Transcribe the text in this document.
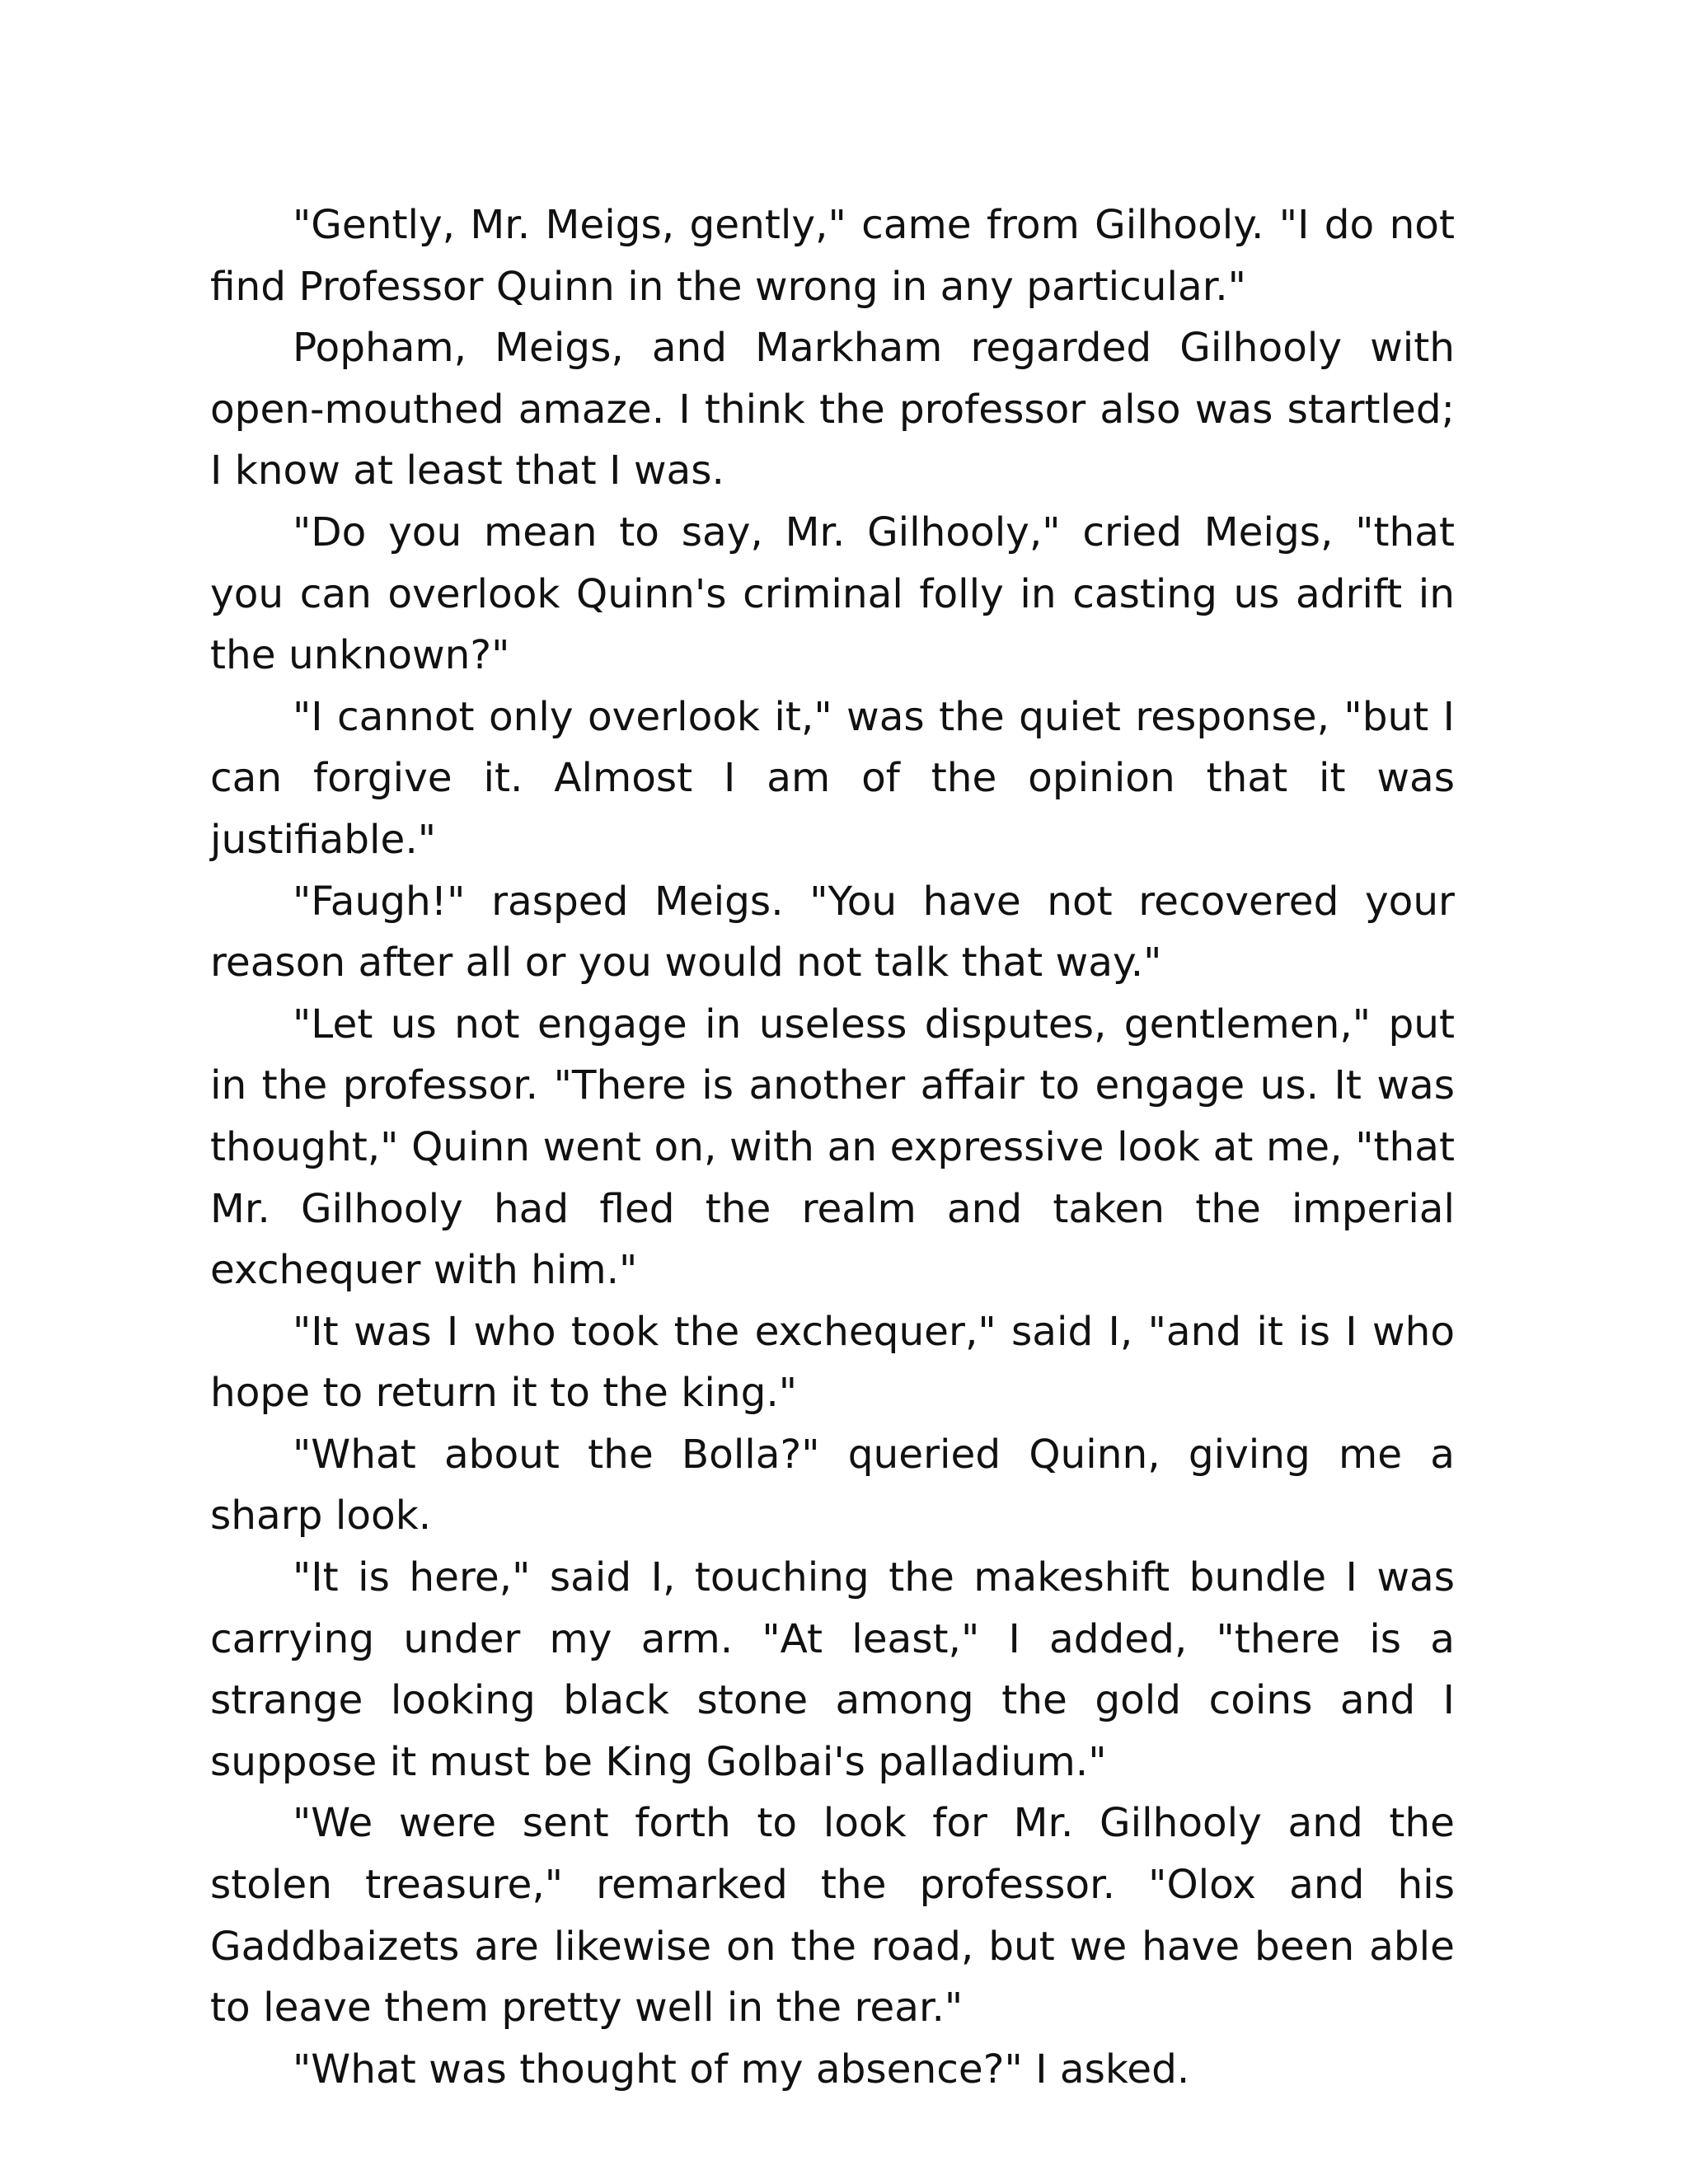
"Gently, Mr. Meigs, gently," came from Gilhooly. "I do not find Professor Quinn in the wrong in any particular."

Popham, Meigs, and Markham regarded Gilhooly with open-mouthed amaze. I think the professor also was startled; I know at least that I was.

"Do you mean to say, Mr. Gilhooly," cried Meigs, "that you can overlook Quinn's criminal folly in casting us adrift in the unknown?"

"I cannot only overlook it," was the quiet response, "but I can forgive it. Almost I am of the opinion that it was justifiable."

"Faugh!" rasped Meigs. "You have not recovered your reason after all or you would not talk that way."

"Let us not engage in useless disputes, gentlemen," put in the professor. "There is another affair to engage us. It was thought," Quinn went on, with an expressive look at me, "that Mr. Gilhooly had fled the realm and taken the imperial exchequer with him."

"It was I who took the exchequer," said I, "and it is I who hope to return it to the king."

"What about the Bolla?" queried Quinn, giving me a sharp look.

"It is here," said I, touching the makeshift bundle I was carrying under my arm. "At least," I added, "there is a strange looking black stone among the gold coins and I suppose it must be King Golbai's palladium."

"We were sent forth to look for Mr. Gilhooly and the stolen treasure," remarked the professor. "Olox and his Gaddbaizets are likewise on the road, but we have been able to leave them pretty well in the rear."

"What was thought of my absence?" I asked.
